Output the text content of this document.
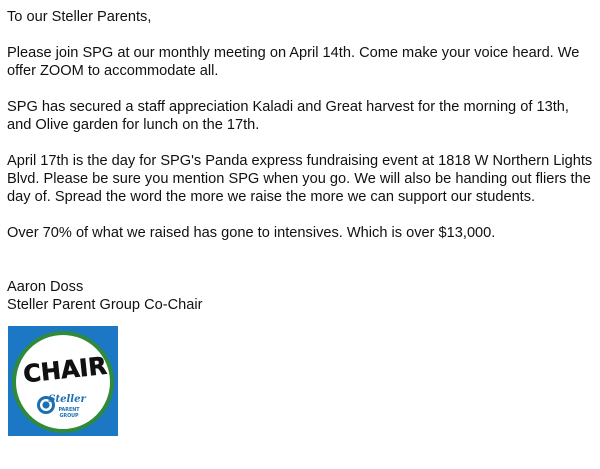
To our Steller Parents,

Please join SPG at our monthly meeting on April 14th. Come make your voice heard. We offer ZOOM to accommodate all.

SPG has secured a staff appreciation Kaladi and Great harvest for the morning of 13th, and Olive garden for lunch on the 17th.

April 17th is the day for SPG's Panda express fundraising event at 1818 W Northern Lights Blvd. Please be sure you mention SPG when you go. We will also be handing out fliers the day of. Spread the word the more we raise the more we can support our students.

Over 70% of what we raised has gone to intensives. Which is over $13,000.

Aaron Doss

Steller Parent Group Co-Chair

CHAIR
Steller
PARENT
GROUP
